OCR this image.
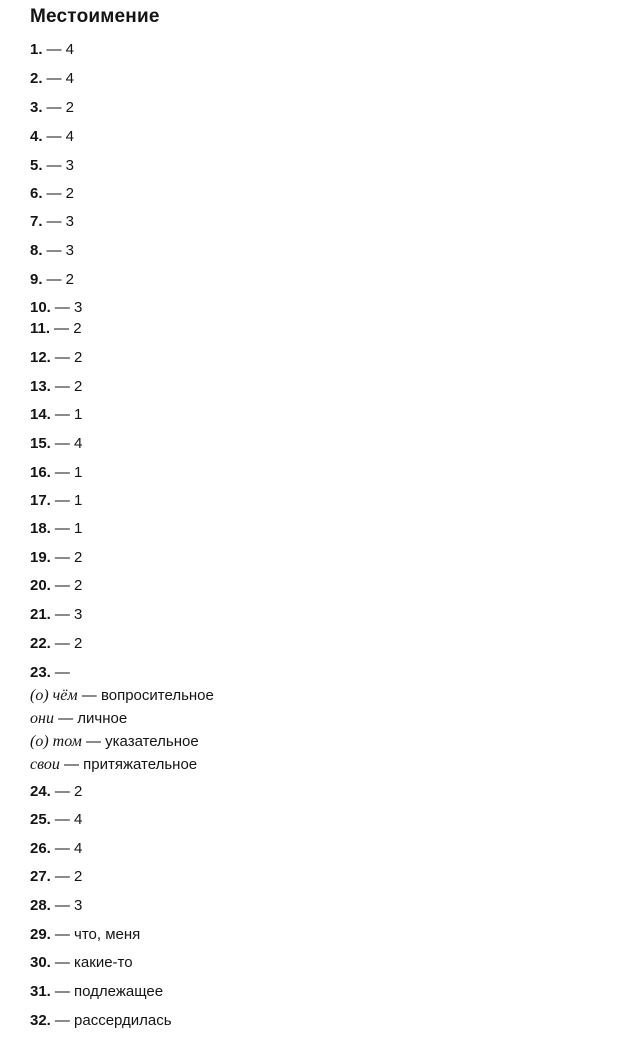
Местоимение
1. — 4
2. — 4
3. — 2
4. — 4
5. — 3
6. — 2
7. — 3
8. — 3
9. — 2
10. — 3
11. — 2
12. — 2
13. — 2
14. — 1
15. — 4
16. — 1
17. — 1
18. — 1
19. — 2
20. — 2
21. — 3
22. — 2
23. —
24. — 2
25. — 4
26. — 4
27. — 2
28. — 3
29. — что, меня
30. — какие-то
31. — подлежащее
32. — рассердилась
(о) чём — вопросительное
они — личное
(о) том — указательное
свои — притяжательное
